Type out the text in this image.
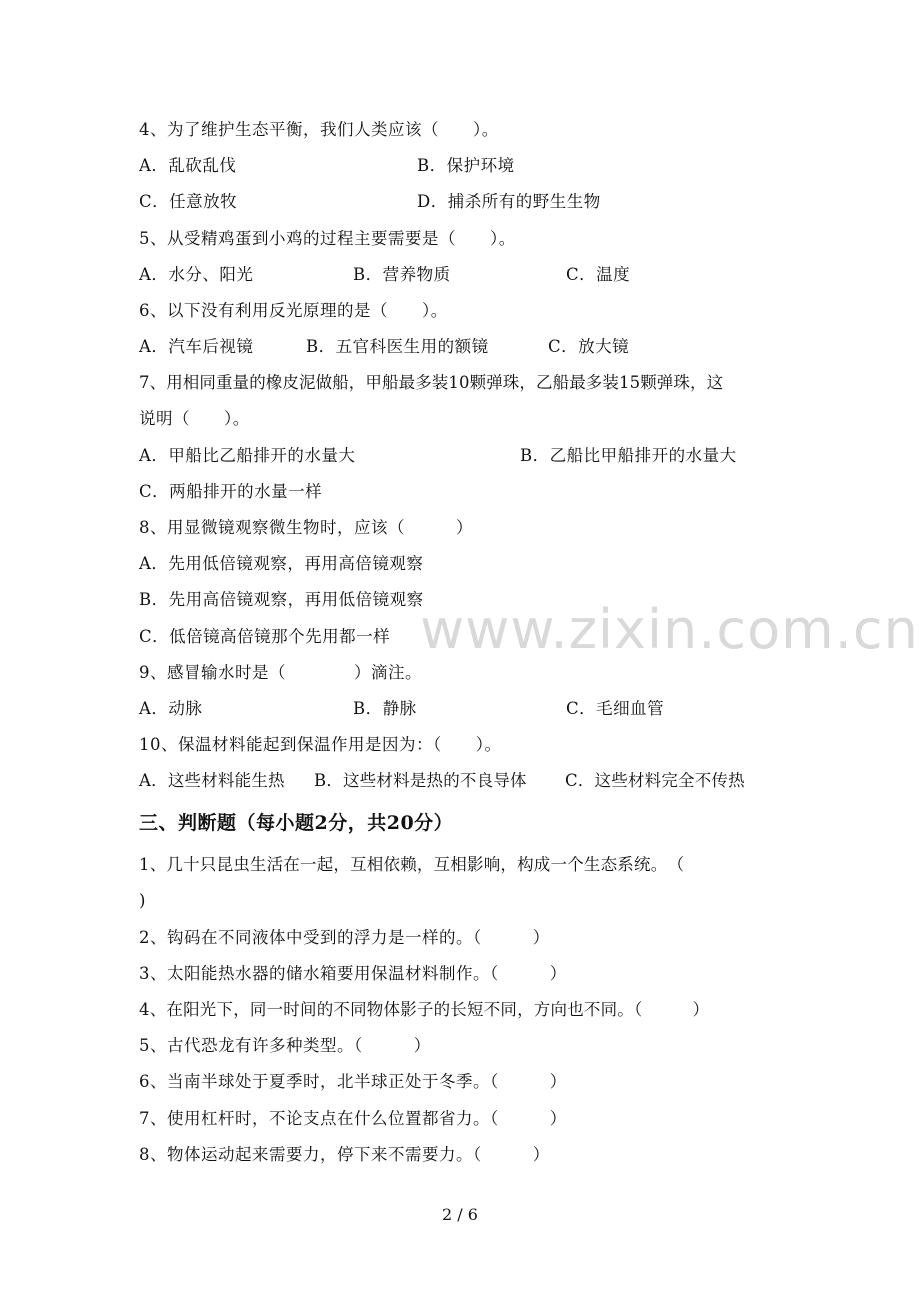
www.zixin.com.cn
4、为了维护生态平衡，我们人类应该（　　）。
A．乱砍乱伐	B．保护环境
C．任意放牧	D．捕杀所有的野生生物
5、从受精鸡蛋到小鸡的过程主要需要是（　　）。
A．水分、阳光	B．营养物质	C．温度
6、以下没有利用反光原理的是（　　）。
A．汽车后视镜	B．五官科医生用的额镜	C．放大镜
7、用相同重量的橡皮泥做船，甲船最多装10颗弹珠，乙船最多装15颗弹珠，这
说明（　　）。
A．甲船比乙船排开的水量大	B．乙船比甲船排开的水量大
C．两船排开的水量一样
8、用显微镜观察微生物时，应该（　　　）
A．先用低倍镜观察，再用高倍镜观察
B．先用高倍镜观察，再用低倍镜观察
C．低倍镜高倍镜那个先用都一样
9、感冒输水时是（　　　　）滴注。
A．动脉	B．静脉	C．毛细血管
10、保温材料能起到保温作用是因为：（　　）。
A．这些材料能生热 B．这些材料是热的不良导体 C．这些材料完全不传热
三、判断题（每小题2分，共20分）
1、几十只昆虫生活在一起，互相依赖，互相影响，构成一个生态系统。　（
)
2、钩码在不同液体中受到的浮力是一样的。（　　　）
3、太阳能热水器的储水箱要用保温材料制作。（　　　）
4、在阳光下，同一时间的不同物体影子的长短不同，方向也不同。（　　　）
5、古代恐龙有许多种类型。（　　　）
6、当南半球处于夏季时，北半球正处于冬季。（　　　）
7、使用杠杆时，不论支点在什么位置都省力。（　　　）
8、物体运动起来需要力，停下来不需要力。（　　　）
2 / 6
